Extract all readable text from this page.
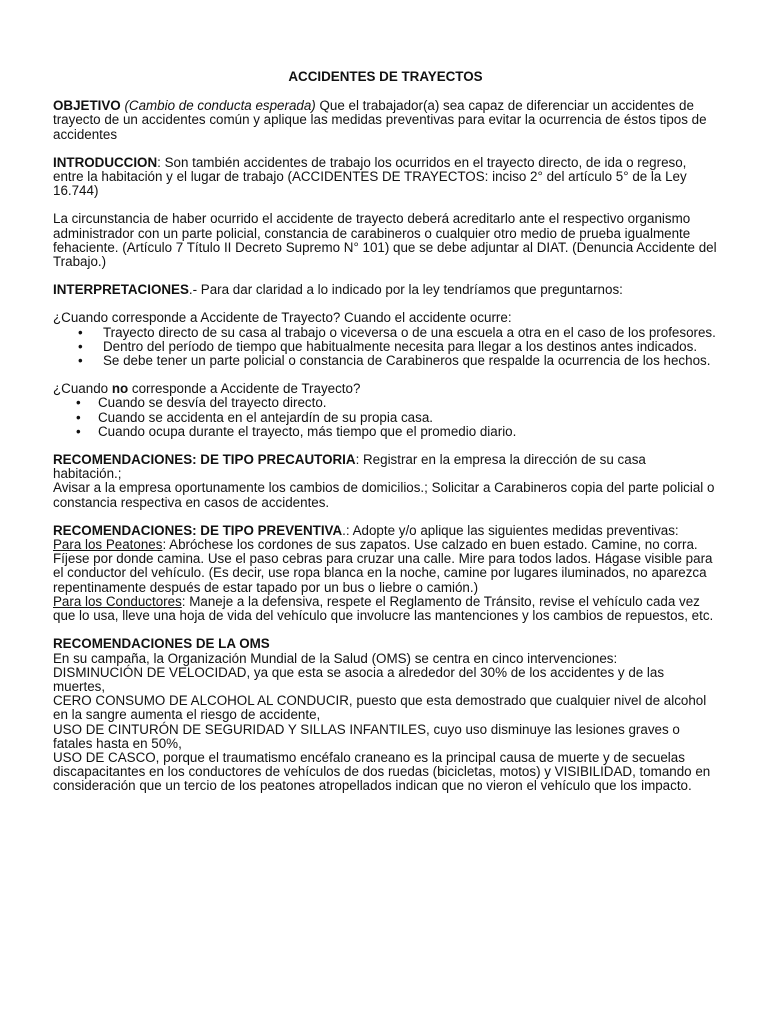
ACCIDENTES DE TRAYECTOS

OBJETIVO (Cambio de conducta esperada) Que el trabajador(a) sea capaz de diferenciar un accidentes de trayecto de un accidentes común y aplique las medidas preventivas para evitar la ocurrencia de éstos tipos de accidentes

INTRODUCCION: Son también accidentes de trabajo los ocurridos en el trayecto directo, de ida o regreso, entre la habitación y el lugar de trabajo (ACCIDENTES DE TRAYECTOS: inciso 2° del artículo 5° de la Ley 16.744)

La circunstancia de haber ocurrido el accidente de trayecto deberá acreditarlo ante el respectivo organismo administrador con un parte policial, constancia de carabineros o cualquier otro medio de prueba igualmente fehaciente. (Artículo 7 Título II Decreto Supremo N° 101) que se debe adjuntar al DIAT. (Denuncia Accidente del Trabajo.)

INTERPRETACIONES.- Para dar claridad a lo indicado por la ley tendríamos que preguntarnos:

¿Cuando corresponde a Accidente de Trayecto? Cuando el accidente ocurre:

• Trayecto directo de su casa al trabajo o viceversa o de una escuela a otra en el caso de los profesores.
• Dentro del período de tiempo que habitualmente necesita para llegar a los destinos antes indicados.
• Se debe tener un parte policial o constancia de Carabineros que respalde la ocurrencia de los hechos.

¿Cuando no corresponde a Accidente de Trayecto?

• Cuando se desvía del trayecto directo.
• Cuando se accidenta en el antejardín de su propia casa.
• Cuando ocupa durante el trayecto, más tiempo que el promedio diario.

RECOMENDACIONES: DE TIPO PRECAUTORIA: Registrar en la empresa la dirección de su casa habitación.;

Avisar a la empresa oportunamente los cambios de domicilios.; Solicitar a Carabineros copia del parte policial o constancia respectiva en casos de accidentes.

RECOMENDACIONES: DE TIPO PREVENTIVA.: Adopte y/o aplique las siguientes medidas preventivas:

Para los Peatones: Abróchese los cordones de sus zapatos. Use calzado en buen estado. Camine, no corra.

Fíjese por donde camina. Use el paso cebras para cruzar una calle. Mire para todos lados. Hágase visible para el conductor del vehículo. (Es decir, use ropa blanca en la noche, camine por lugares iluminados, no aparezca repentinamente después de estar tapado por un bus o liebre o camión.)

Para los Conductores: Maneje a la defensiva, respete el Reglamento de Tránsito, revise el vehículo cada vez que lo usa, lleve una hoja de vida del vehículo que involucre las mantenciones y los cambios de repuestos, etc.

RECOMENDACIONES DE LA OMS

En su campaña, la Organización Mundial de la Salud (OMS) se centra en cinco intervenciones:

DISMINUCIÓN DE VELOCIDAD, ya que esta se asocia a alrededor del 30% de los accidentes y de las muertes,

CERO CONSUMO DE ALCOHOL AL CONDUCIR, puesto que esta demostrado que cualquier nivel de alcohol en la sangre aumenta el riesgo de accidente,

USO DE CINTURÓN DE SEGURIDAD Y SILLAS INFANTILES, cuyo uso disminuye las lesiones graves o fatales hasta en 50%,

USO DE CASCO, porque el traumatismo encéfalo craneano es la principal causa de muerte y de secuelas discapacitantes en los conductores de vehículos de dos ruedas (bicicletas, motos) y VISIBILIDAD, tomando en consideración que un tercio de los peatones atropellados indican que no vieron el vehículo que los impacto.
